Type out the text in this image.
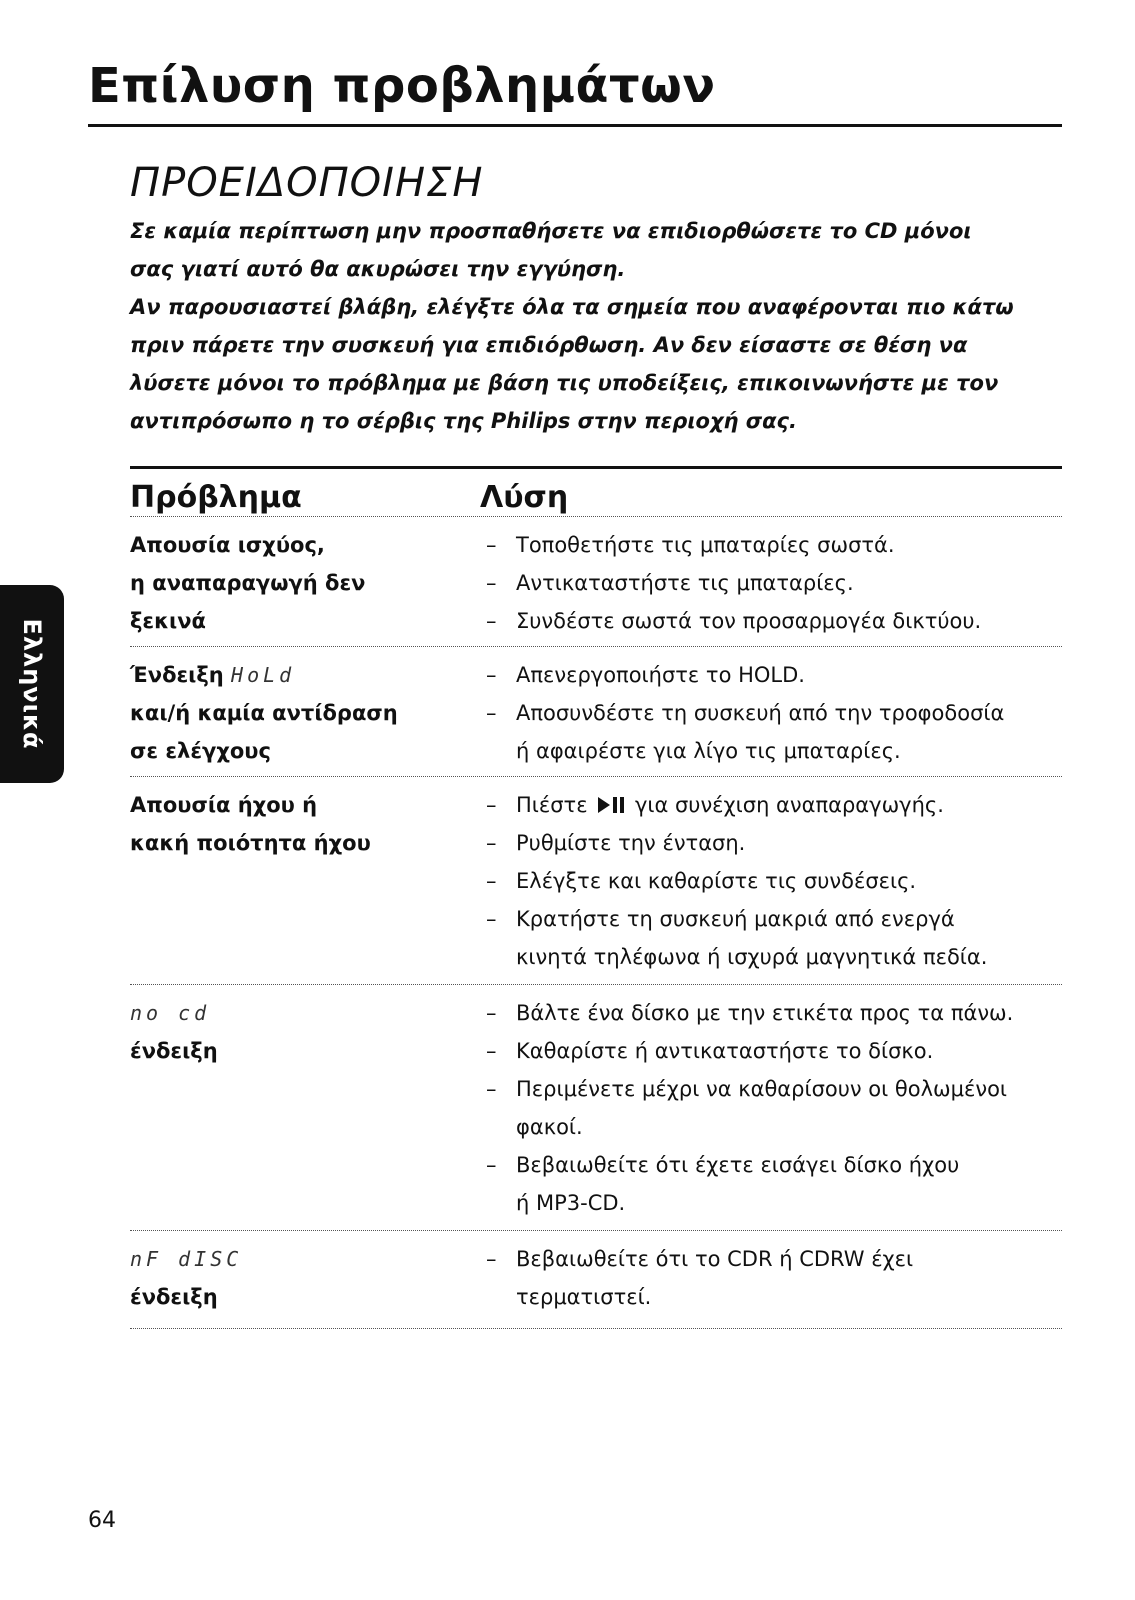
Επίλυση προβλημάτων
ΠΡΟΕΙΔΟΠΟΙΗΣΗ
Σε καμία περίπτωση μην προσπαθήσετε να επιδιορθώσετε το CD μόνοι
σας γιατί αυτό θα ακυρώσει την εγγύηση.
Αν παρουσιαστεί βλάβη, ελέγξτε όλα τα σημεία που αναφέρονται πιο κάτω
πριν πάρετε την συσκευή για επιδιόρθωση. Αν δεν είσαστε σε θέση να
λύσετε μόνοι το πρόβλημα με βάση τις υποδείξεις, επικοινωνήστε με τον
αντιπρόσωπο η το σέρβις της Philips στην περιοχή σας.
Πρόβλημα	Λύση
Απουσία ισχύος,
η αναπαραγωγή δεν
ξεκινά
– Τοποθετήστε τις μπαταρίες σωστά.
– Αντικαταστήστε τις μπαταρίες.
– Συνδέστε σωστά τον προσαρμογέα δικτύου.
Ένδειξη HoLd
και/ή καμία αντίδραση
σε ελέγχους
– Απενεργοποιήστε το HOLD.
– Αποσυνδέστε τη συσκευή από την τροφοδοσία
ή αφαιρέστε για λίγο τις μπαταρίες.
Απουσία ήχου ή
κακή ποιότητα ήχου
– Πιέστε για συνέχιση αναπαραγωγής.
– Ρυθμίστε την ένταση.
– Ελέγξτε και καθαρίστε τις συνδέσεις.
– Κρατήστε τη συσκευή μακριά από ενεργά
κινητά τηλέφωνα ή ισχυρά μαγνητικά πεδία.
no cd
ένδειξη
– Βάλτε ένα δίσκο με την ετικέτα προς τα πάνω.
– Καθαρίστε ή αντικαταστήστε το δίσκο.
– Περιμένετε μέχρι να καθαρίσουν οι θολωμένοι
φακοί.
– Βεβαιωθείτε ότι έχετε εισάγει δίσκο ήχου
ή MP3-CD.
nF dISC
ένδειξη
– Βεβαιωθείτε ότι το CDR ή CDRW έχει
τερματιστεί.
Ελληνικά
64
